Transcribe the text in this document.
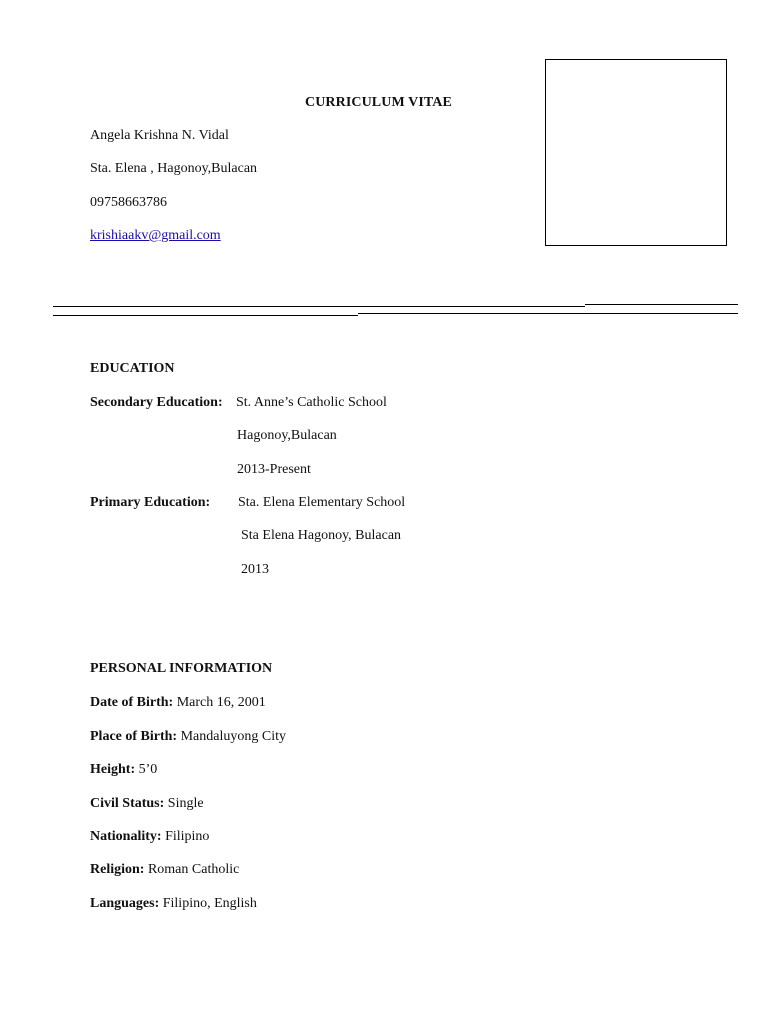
CURRICULUM VITAE
Angela Krishna N. Vidal
Sta. Elena , Hagonoy,Bulacan
09758663786
krishiaakv@gmail.com
EDUCATION
Secondary Education: St. Anne’s Catholic School
Hagonoy,Bulacan
2013-Present
Primary Education: Sta. Elena Elementary School
Sta Elena Hagonoy, Bulacan
2013
PERSONAL INFORMATION
Date of Birth: March 16, 2001
Place of Birth: Mandaluyong City
Height: 5’0
Civil Status: Single
Nationality: Filipino
Religion: Roman Catholic
Languages: Filipino, English
